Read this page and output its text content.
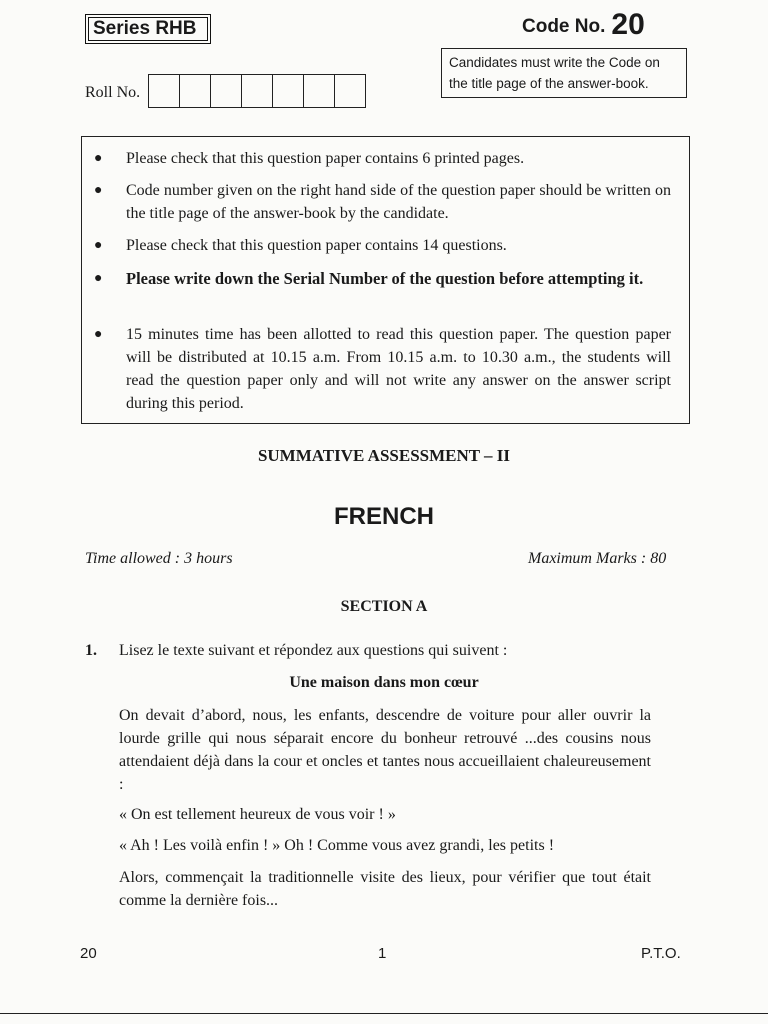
Series RHB	Code No. 20
Candidates must write the Code on
the title page of the answer-book.
Roll No.
● Please check that this question paper contains 6 printed pages.
● Code number given on the right hand side of the question paper should be written on the title page of the answer-book by the candidate.
● Please check that this question paper contains 14 questions.
● Please write down the Serial Number of the question before attempting it.
● 15 minutes time has been allotted to read this question paper. The question paper will be distributed at 10.15 a.m. From 10.15 a.m. to 10.30 a.m., the students will read the question paper only and will not write any answer on the answer script during this period.
SUMMATIVE ASSESSMENT – II
FRENCH
Time allowed : 3 hours	Maximum Marks : 80
SECTION A
1. Lisez le texte suivant et répondez aux questions qui suivent :
Une maison dans mon cœur
On devait d’abord, nous, les enfants, descendre de voiture pour aller ouvrir la lourde grille qui nous séparait encore du bonheur retrouvé ...des cousins nous attendaient déjà dans la cour et oncles et tantes nous accueillaient chaleureusement :
« On est tellement heureux de vous voir ! »
« Ah ! Les voilà enfin ! » Oh ! Comme vous avez grandi, les petits !
Alors, commençait la traditionnelle visite des lieux, pour vérifier que tout était comme la dernière fois...
20	1	P.T.O.
